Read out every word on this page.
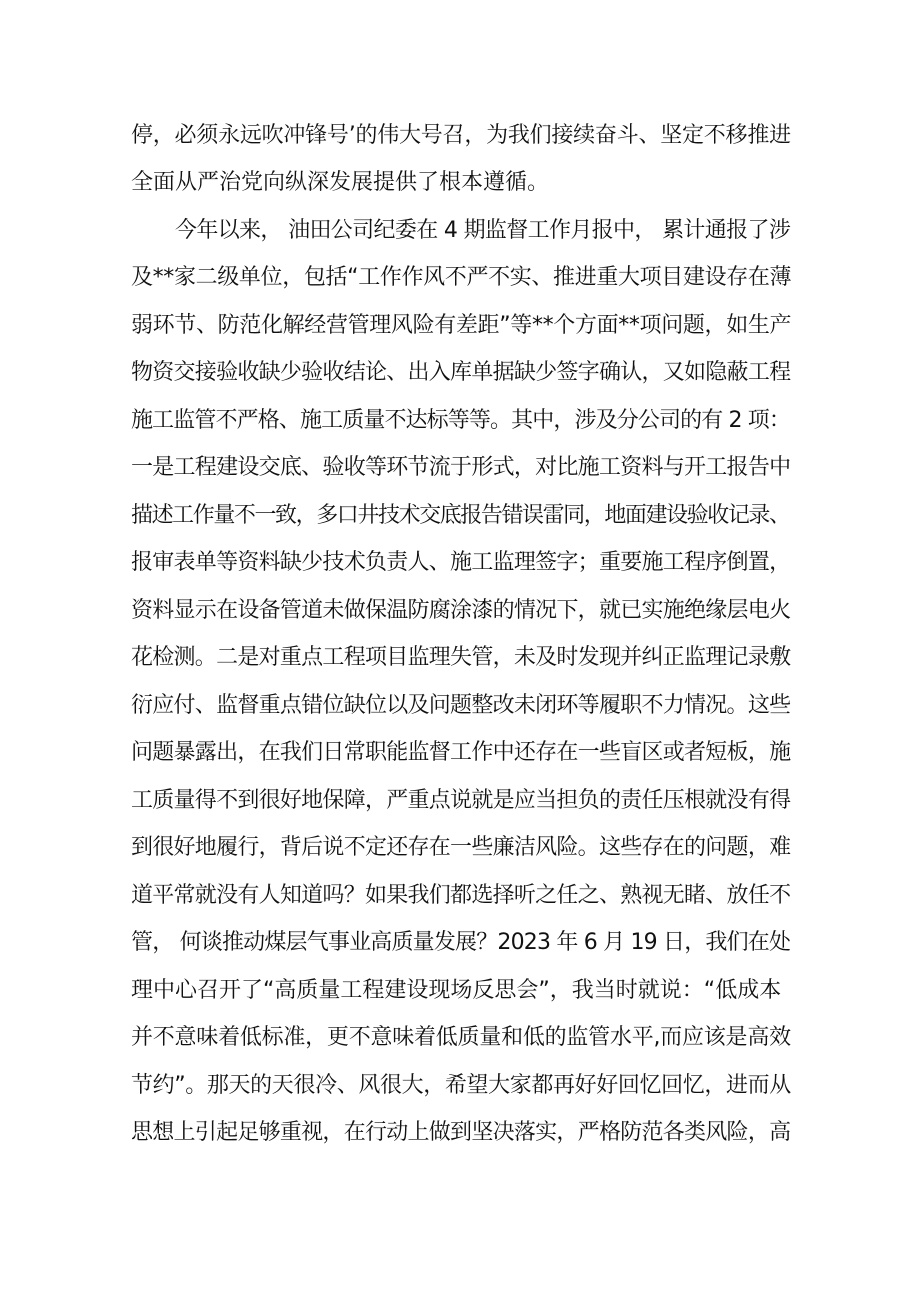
停，必须永远吹冲锋号’的伟大号召，为我们接续奋斗、坚定不移推进
全面从严治党向纵深发展提供了根本遵循。
今年以来， 油田公司纪委在 4 期监督工作月报中， 累计通报了涉
及**家二级单位，包括“工作作风不严不实、推进重大项目建设存在薄
弱环节、防范化解经营管理风险有差距”等**个方面**项问题，如生产
物资交接验收缺少验收结论、出入库单据缺少签字确认，又如隐蔽工程
施工监管不严格、施工质量不达标等等。其中，涉及分公司的有 2 项：
一是工程建设交底、验收等环节流于形式，对比施工资料与开工报告中
描述工作量不一致，多口井技术交底报告错误雷同，地面建设验收记录、
报审表单等资料缺少技术负责人、施工监理签字；重要施工程序倒置，
资料显示在设备管道未做保温防腐涂漆的情况下，就已实施绝缘层电火
花检测。二是对重点工程项目监理失管，未及时发现并纠正监理记录敷
衍应付、监督重点错位缺位以及问题整改未闭环等履职不力情况。这些
问题暴露出，在我们日常职能监督工作中还存在一些盲区或者短板，施
工质量得不到很好地保障，严重点说就是应当担负的责任压根就没有得
到很好地履行，背后说不定还存在一些廉洁风险。这些存在的问题，难
道平常就没有人知道吗？如果我们都选择听之任之、熟视无睹、放任不
管， 何谈推动煤层气事业高质量发展？2023 年 6 月 19 日，我们在处
理中心召开了“高质量工程建设现场反思会”，我当时就说：“低成本
并不意味着低标准，更不意味着低质量和低的监管水平,而应该是高效
节约”。那天的天很冷、风很大，希望大家都再好好回忆回忆，进而从
思想上引起足够重视，在行动上做到坚决落实，严格防范各类风险，高
